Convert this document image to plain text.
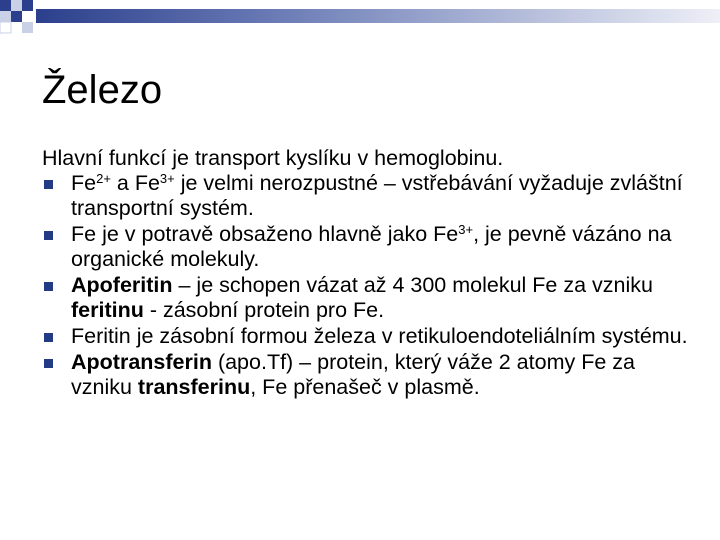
Železo

Hlavní funkcí je transport kyslíku v hemoglobinu.

$Fe^{2+}$ a $Fe^{3+}$ je velmi nerozpustné – vstřebávání vyžaduje zvláštní transportní systém.
Fe je v potravě obsaženo hlavně jako $Fe^{3+}$, je pevně vázáno na organické molekuly.
Apoferitin – je schopen vázat až 4 300 molekul Fe za vzniku feritinu - zásobní protein pro Fe.
Feritin je zásobní formou železa v retikuloendoteliálním systému.
Apotransferin (apo.Tf) – protein, který váže 2 atomy Fe za vzniku transferinu, Fe přenašeč v plasmě.
